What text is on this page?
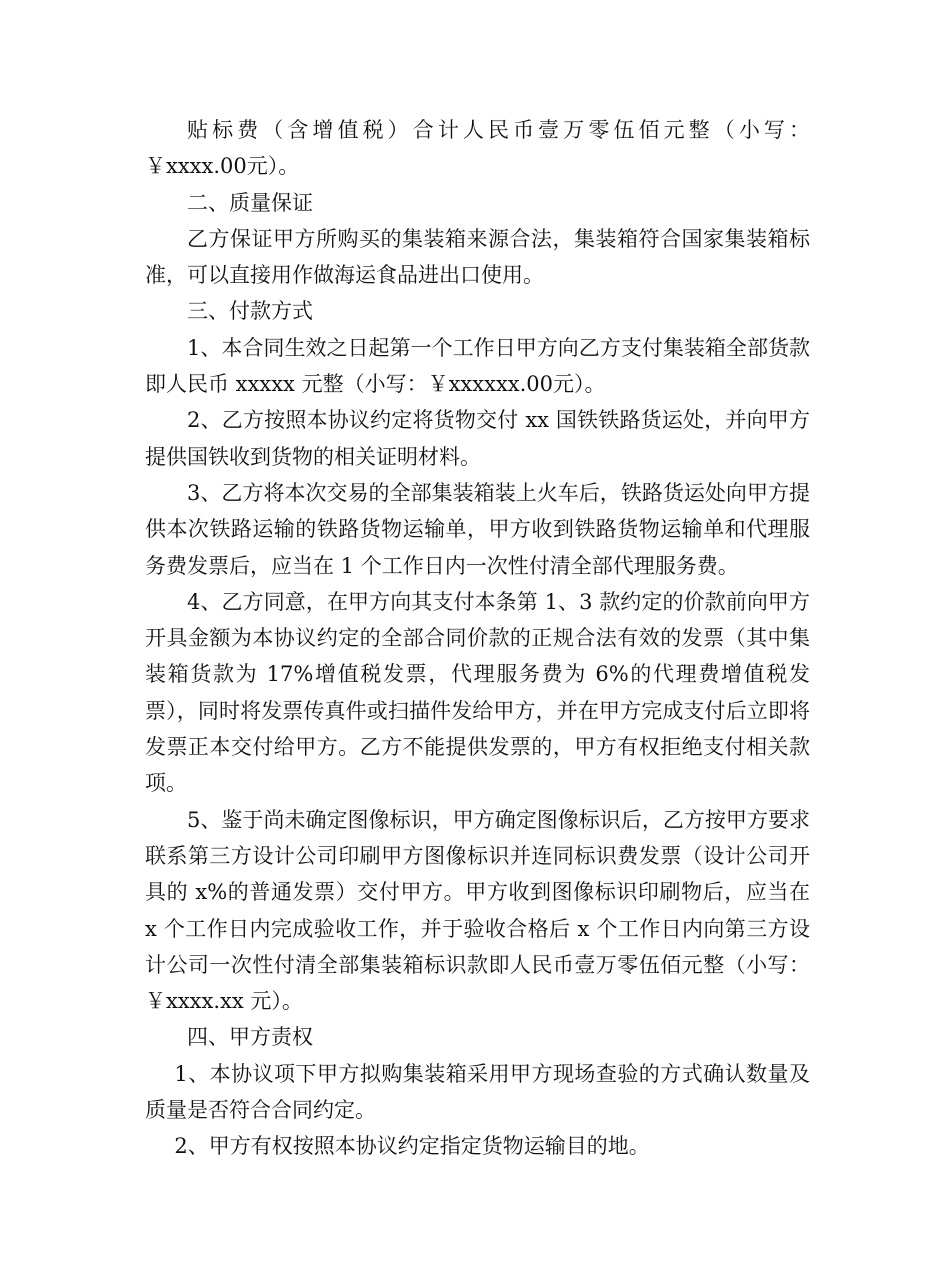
贴标费（含增值税）合计人民币壹万零伍佰元整（小写：￥xxxx.00元）。

二、质量保证

乙方保证甲方所购买的集装箱来源合法，集装箱符合国家集装箱标准，可以直接用作做海运食品进出口使用。

三、付款方式

1、本合同生效之日起第一个工作日甲方向乙方支付集装箱全部货款即人民币 xxxxx 元整（小写：￥xxxxxx.00元）。

2、乙方按照本协议约定将货物交付 xx 国铁铁路货运处，并向甲方提供国铁收到货物的相关证明材料。

3、乙方将本次交易的全部集装箱装上火车后，铁路货运处向甲方提供本次铁路运输的铁路货物运输单，甲方收到铁路货物运输单和代理服务费发票后，应当在 1 个工作日内一次性付清全部代理服务费。

4、乙方同意，在甲方向其支付本条第 1、3 款约定的价款前向甲方开具金额为本协议约定的全部合同价款的正规合法有效的发票（其中集装箱货款为 17%增值税发票，代理服务费为 6%的代理费增值税发票），同时将发票传真件或扫描件发给甲方，并在甲方完成支付后立即将发票正本交付给甲方。乙方不能提供发票的，甲方有权拒绝支付相关款项。

5、鉴于尚未确定图像标识，甲方确定图像标识后，乙方按甲方要求联系第三方设计公司印刷甲方图像标识并连同标识费发票（设计公司开具的 x%的普通发票）交付甲方。甲方收到图像标识印刷物后，应当在 x 个工作日内完成验收工作，并于验收合格后 x 个工作日内向第三方设计公司一次性付清全部集装箱标识款即人民币壹万零伍佰元整（小写：￥xxxx.xx 元）。

四、甲方责权

1、本协议项下甲方拟购集装箱采用甲方现场查验的方式确认数量及质量是否符合合同约定。

2、甲方有权按照本协议约定指定货物运输目的地。
